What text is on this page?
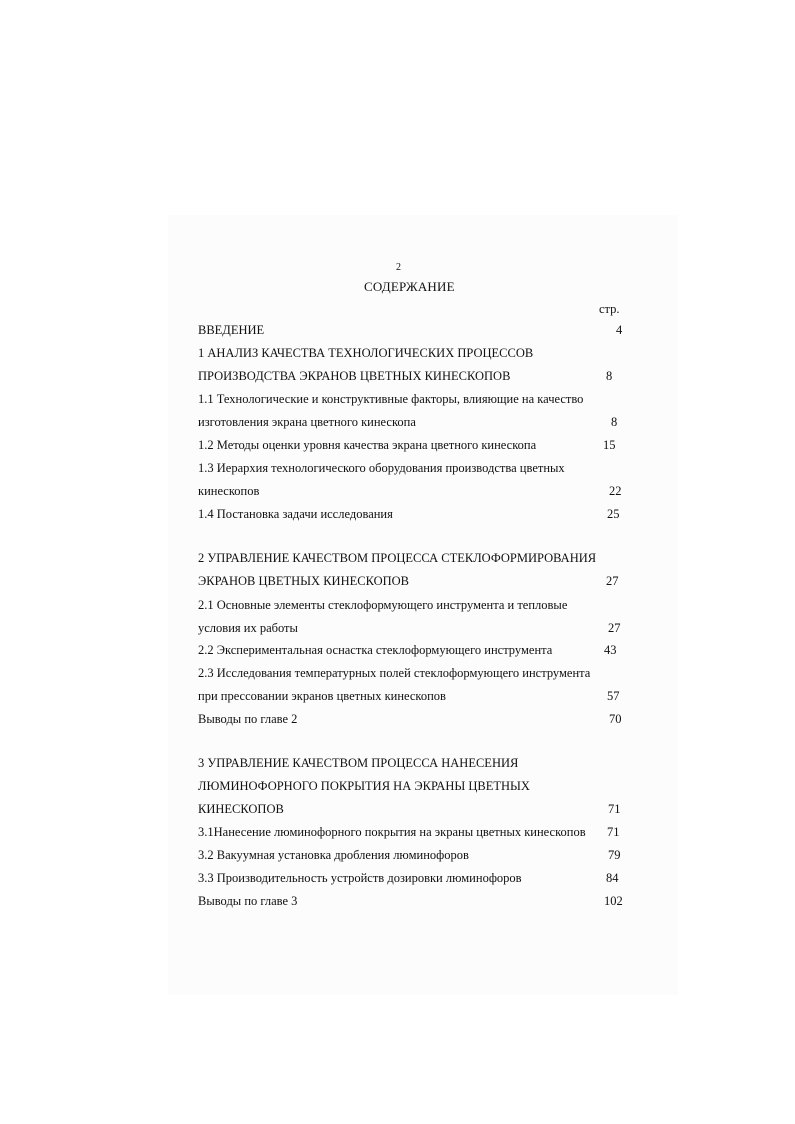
2
СОДЕРЖАНИЕ
стр.
ВВЕДЕНИЕ	4
1 АНАЛИЗ КАЧЕСТВА ТЕХНОЛОГИЧЕСКИХ ПРОЦЕССОВ
ПРОИЗВОДСТВА ЭКРАНОВ ЦВЕТНЫХ КИНЕСКОПОВ	8
1.1 Технологические и конструктивные факторы, влияющие на качество
изготовления экрана цветного кинескопа	8
1.2 Методы оценки уровня качества экрана цветного кинескопа	15
1.3 Иерархия технологического оборудования производства цветных
кинескопов	22
1.4 Постановка задачи исследования	25
2 УПРАВЛЕНИЕ КАЧЕСТВОМ ПРОЦЕССА СТЕКЛОФОРМИРОВАНИЯ
ЭКРАНОВ ЦВЕТНЫХ КИНЕСКОПОВ	27
2.1 Основные элементы стеклоформующего инструмента и тепловые
условия их работы	27
2.2 Экспериментальная оснастка стеклоформующего инструмента	43
2.3 Исследования температурных полей стеклоформующего инструмента
при прессовании экранов цветных кинескопов	57
Выводы по главе 2	70
3 УПРАВЛЕНИЕ КАЧЕСТВОМ ПРОЦЕССА НАНЕСЕНИЯ
ЛЮМИНОФОРНОГО ПОКРЫТИЯ НА ЭКРАНЫ ЦВЕТНЫХ
КИНЕСКОПОВ	71
3.1Нанесение люминофорного покрытия на экраны цветных кинескопов 71
3.2 Вакуумная установка дробления люминофоров	79
3.3 Производительность устройств дозировки люминофоров	84
Выводы по главе 3	102
